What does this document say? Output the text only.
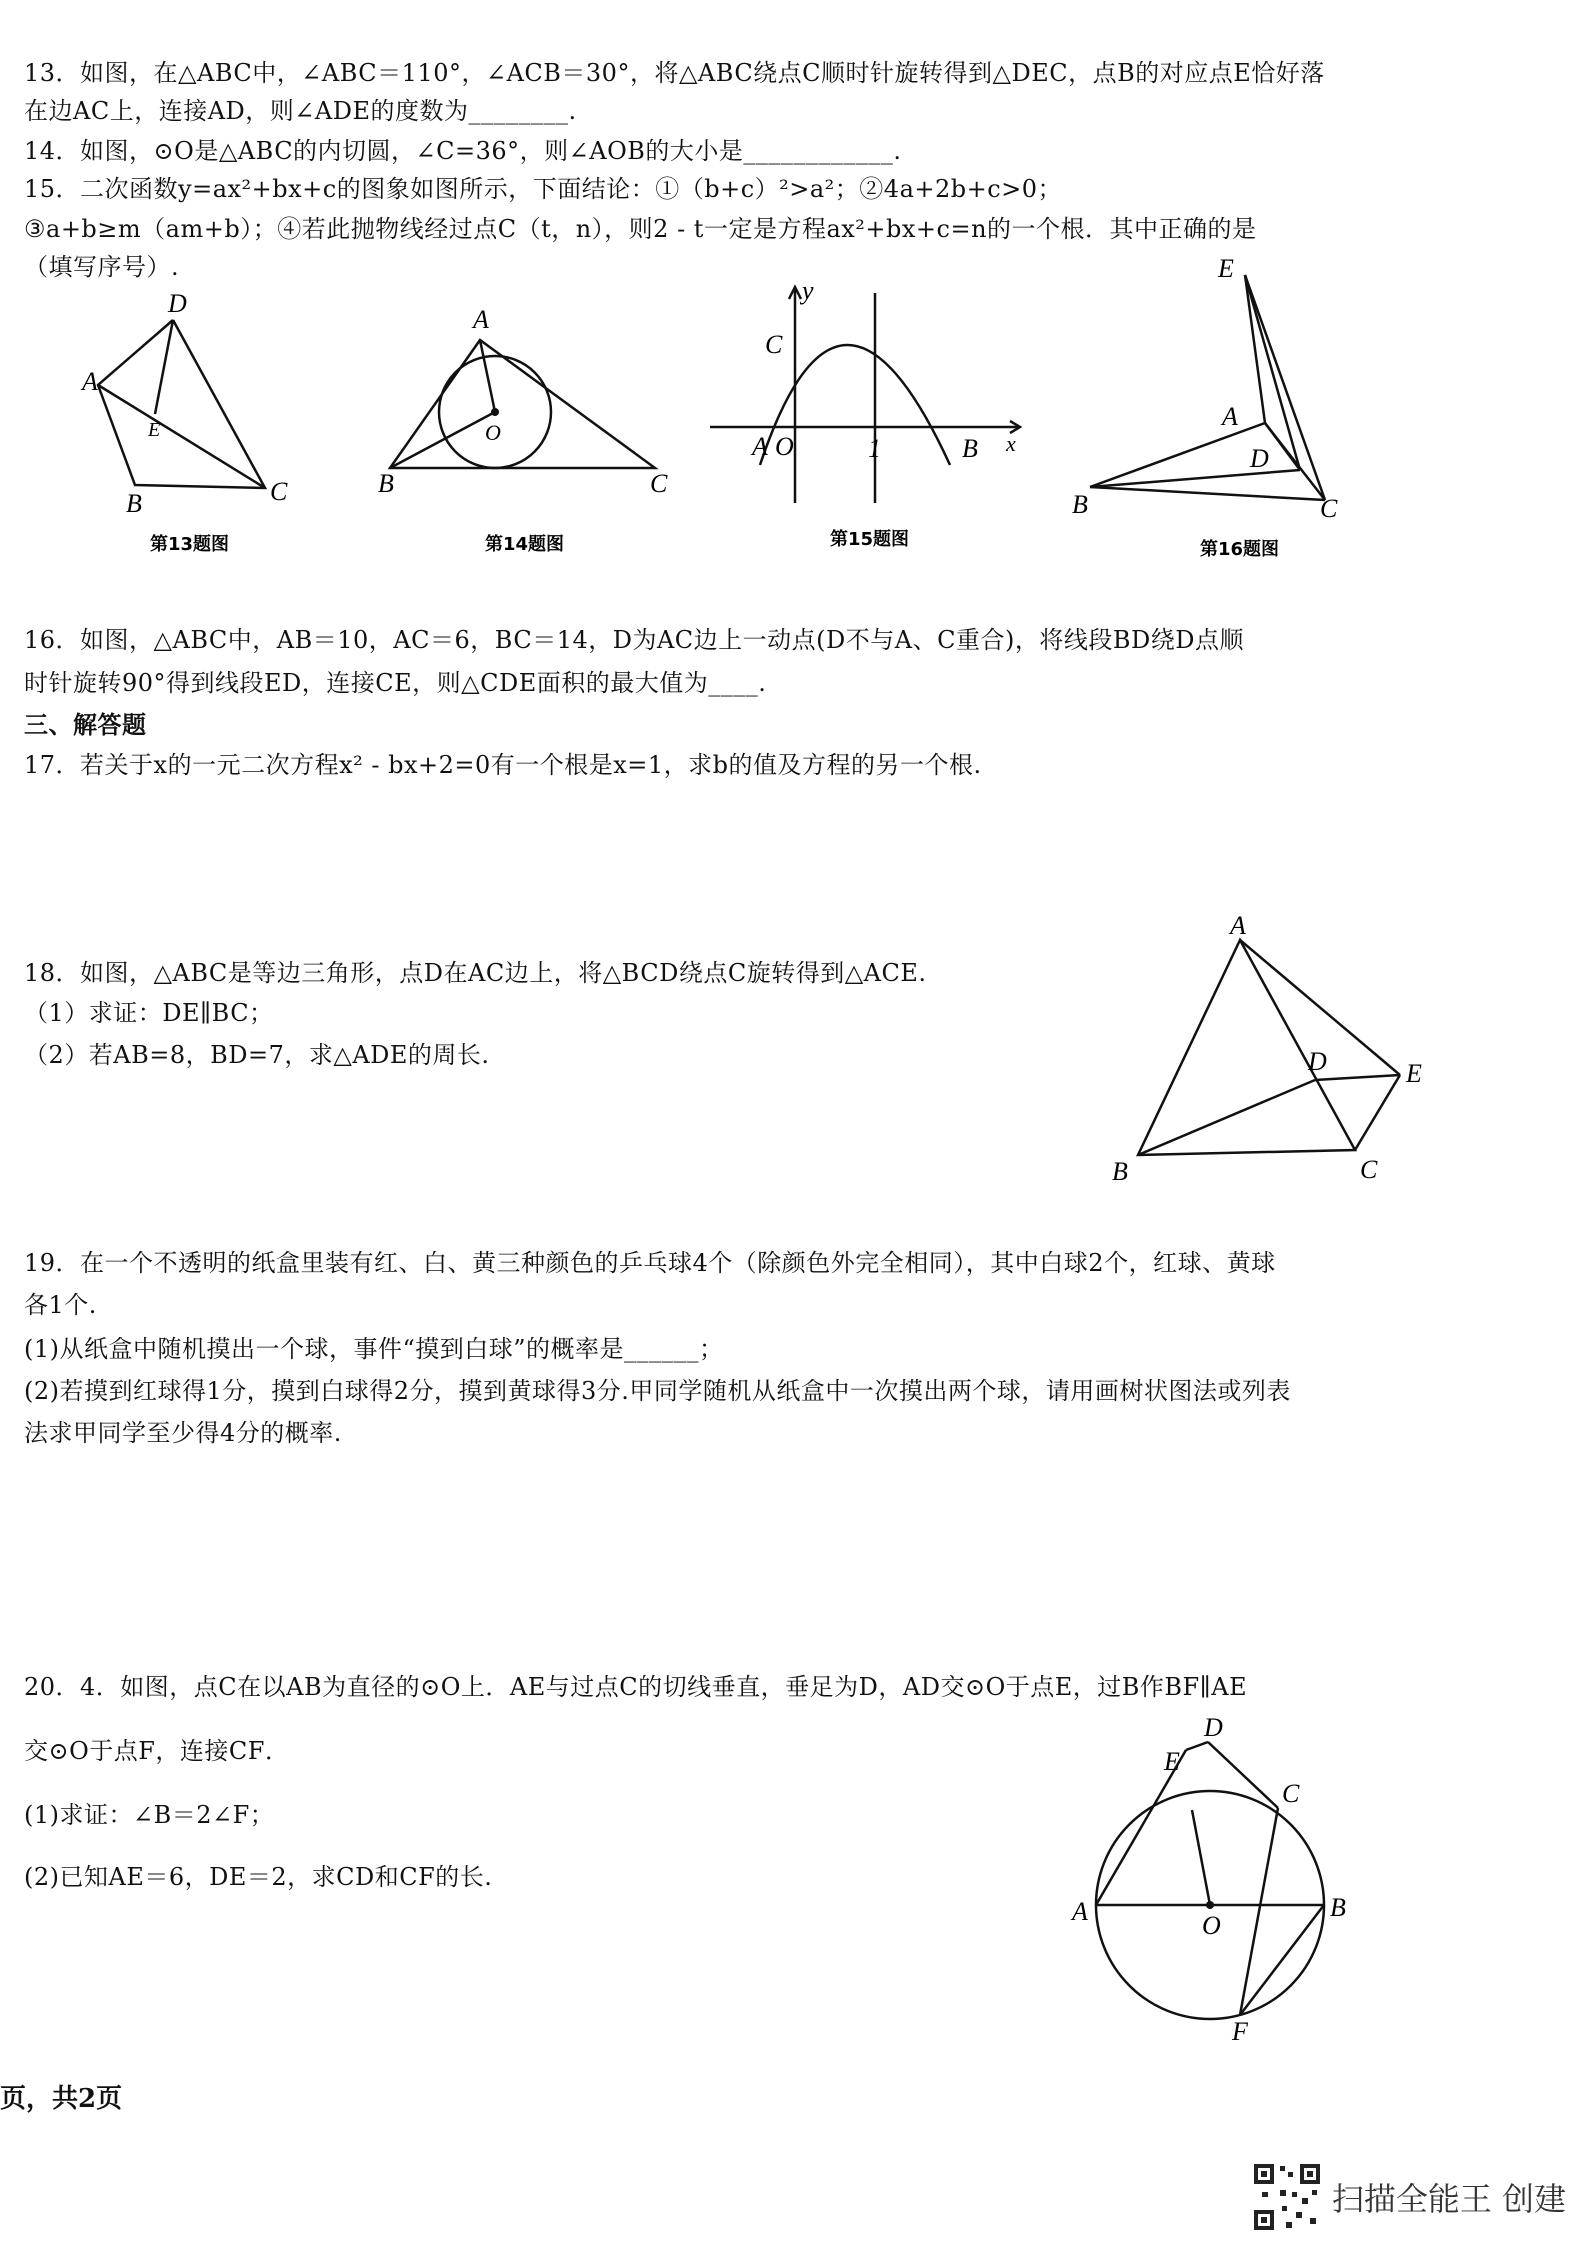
13．如图，在△ABC中，∠ABC＝110°，∠ACB＝30°，将△ABC绕点C顺时针旋转得到△DEC，点B的对应点E恰好落
在边AC上，连接AD，则∠ADE的度数为________.
14．如图，⊙O是△ABC的内切圆，∠C=36°，则∠AOB的大小是____________.
15．二次函数y=ax²+bx+c的图象如图所示，下面结论：①（b+c）²>a²；②4a+2b+c>0；
③a+b≥m（am+b）；④若此抛物线经过点C（t，n），则2 - t一定是方程ax²+bx+c=n的一个根．其中正确的是
（填写序号）.
D
A
E
B	C
第13题图
A
O
B	C
第14题图
y
C
A O	1	B x
第15题图
E
A
D
B	C
第16题图
16．如图，△ABC中，AB＝10，AC＝6，BC＝14，D为AC边上一动点(D不与A、C重合)，将线段BD绕D点顺
时针旋转90°得到线段ED，连接CE，则△CDE面积的最大值为____.
三、解答题
17．若关于x的一元二次方程x² - bx+2=0有一个根是x=1，求b的值及方程的另一个根.
18．如图，△ABC是等边三角形，点D在AC边上，将△BCD绕点C旋转得到△ACE.
（1）求证：DE∥BC；
（2）若AB=8，BD=7，求△ADE的周长.
A
D	E
B	C
19．在一个不透明的纸盒里装有红、白、黄三种颜色的乒乓球4个（除颜色外完全相同），其中白球2个，红球、黄球
各1个.
(1)从纸盒中随机摸出一个球，事件“摸到白球”的概率是______；
(2)若摸到红球得1分，摸到白球得2分，摸到黄球得3分.甲同学随机从纸盒中一次摸出两个球，请用画树状图法或列表
法求甲同学至少得4分的概率.
20．4．如图，点C在以AB为直径的⊙O上．AE与过点C的切线垂直，垂足为D，AD交⊙O于点E，过B作BF∥AE
交⊙O于点F，连接CF．
(1)求证：∠B＝2∠F；
(2)已知AE＝6，DE＝2，求CD和CF的长.
D
E
C
A	O
B
F
页，共2页
扫描全能王 创建
